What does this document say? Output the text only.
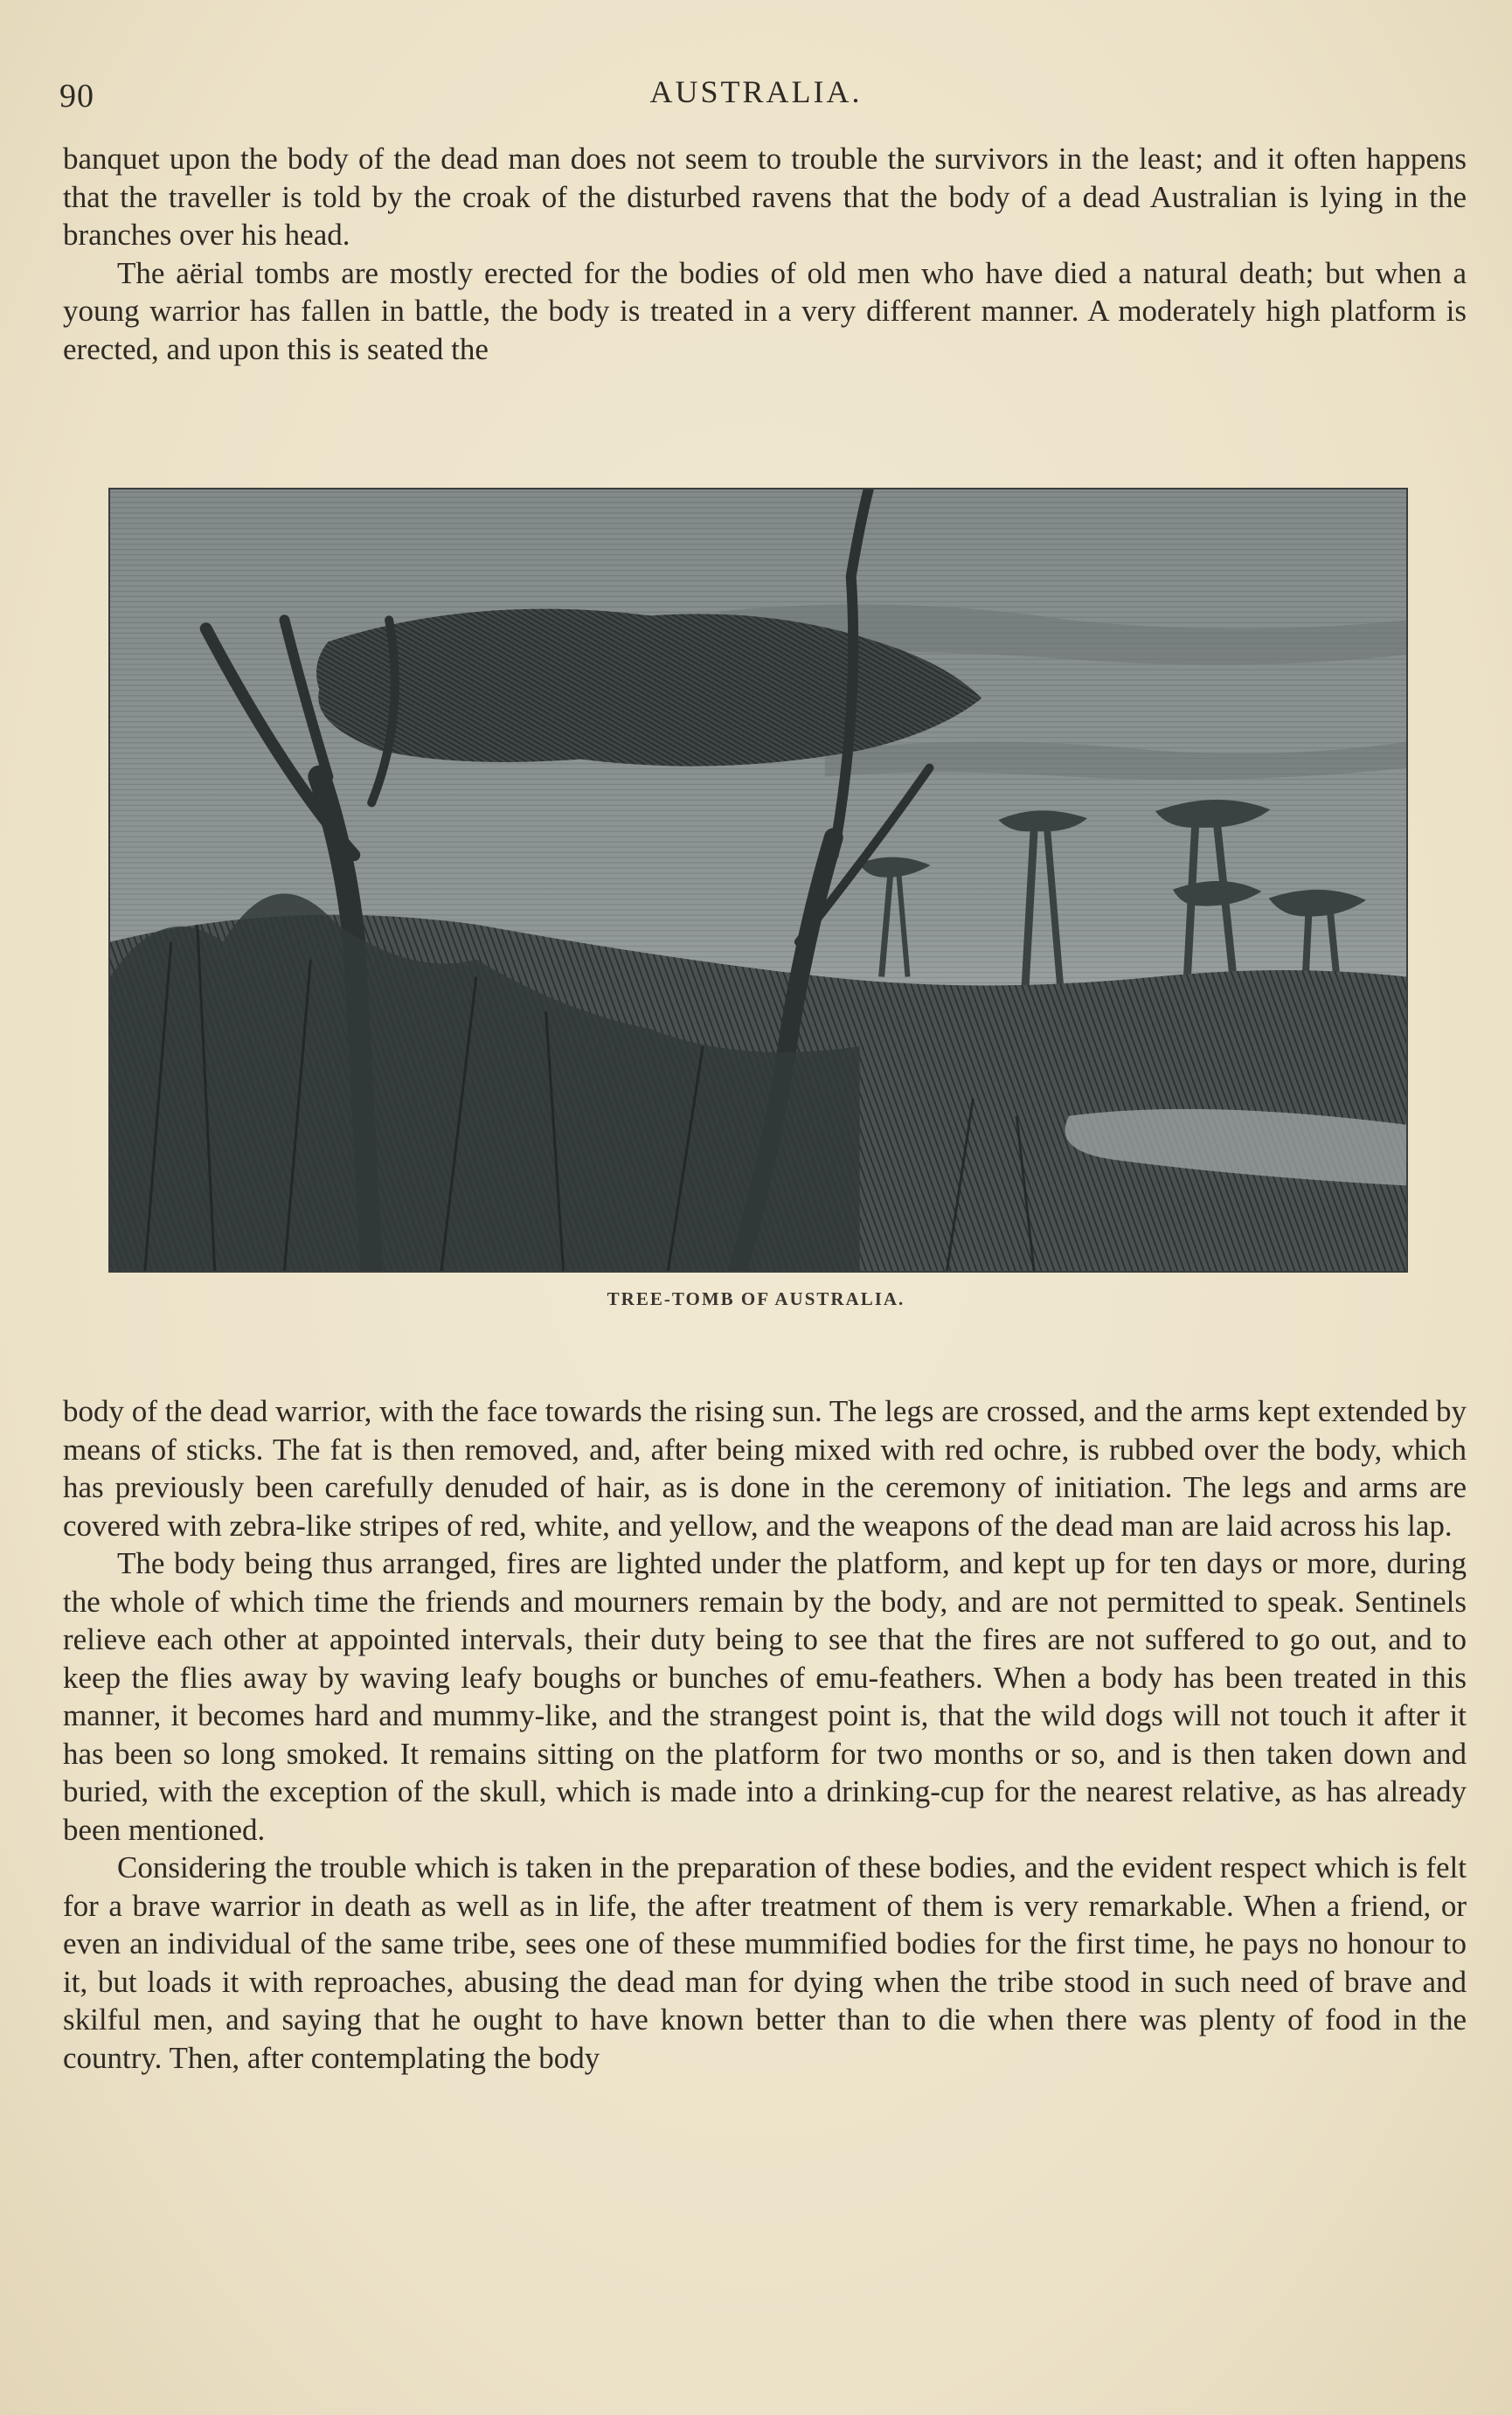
90	AUSTRALIA.

banquet upon the body of the dead man does not seem to trouble the survivors in the least; and it often happens that the traveller is told by the croak of the disturbed ravens that the body of a dead Australian is lying in the branches over his head.

The aërial tombs are mostly erected for the bodies of old men who have died a natural death; but when a young warrior has fallen in battle, the body is treated in a very different manner. A moderately high platform is erected, and upon this is seated the

TREE-TOMB OF AUSTRALIA.

body of the dead warrior, with the face towards the rising sun. The legs are crossed, and the arms kept extended by means of sticks. The fat is then removed, and, after being mixed with red ochre, is rubbed over the body, which has previously been carefully denuded of hair, as is done in the ceremony of initiation. The legs and arms are covered with zebra-like stripes of red, white, and yellow, and the weapons of the dead man are laid across his lap.

The body being thus arranged, fires are lighted under the platform, and kept up for ten days or more, during the whole of which time the friends and mourners remain by the body, and are not permitted to speak. Sentinels relieve each other at appointed intervals, their duty being to see that the fires are not suffered to go out, and to keep the flies away by waving leafy boughs or bunches of emu-feathers. When a body has been treated in this manner, it becomes hard and mummy-like, and the strangest point is, that the wild dogs will not touch it after it has been so long smoked. It remains sitting on the platform for two months or so, and is then taken down and buried, with the exception of the skull, which is made into a drinking-cup for the nearest relative, as has already been mentioned.

Considering the trouble which is taken in the preparation of these bodies, and the evident respect which is felt for a brave warrior in death as well as in life, the after treatment of them is very remarkable. When a friend, or even an individual of the same tribe, sees one of these mummified bodies for the first time, he pays no honour to it, but loads it with reproaches, abusing the dead man for dying when the tribe stood in such need of brave and skilful men, and saying that he ought to have known better than to die when there was plenty of food in the country. Then, after contemplating the body
